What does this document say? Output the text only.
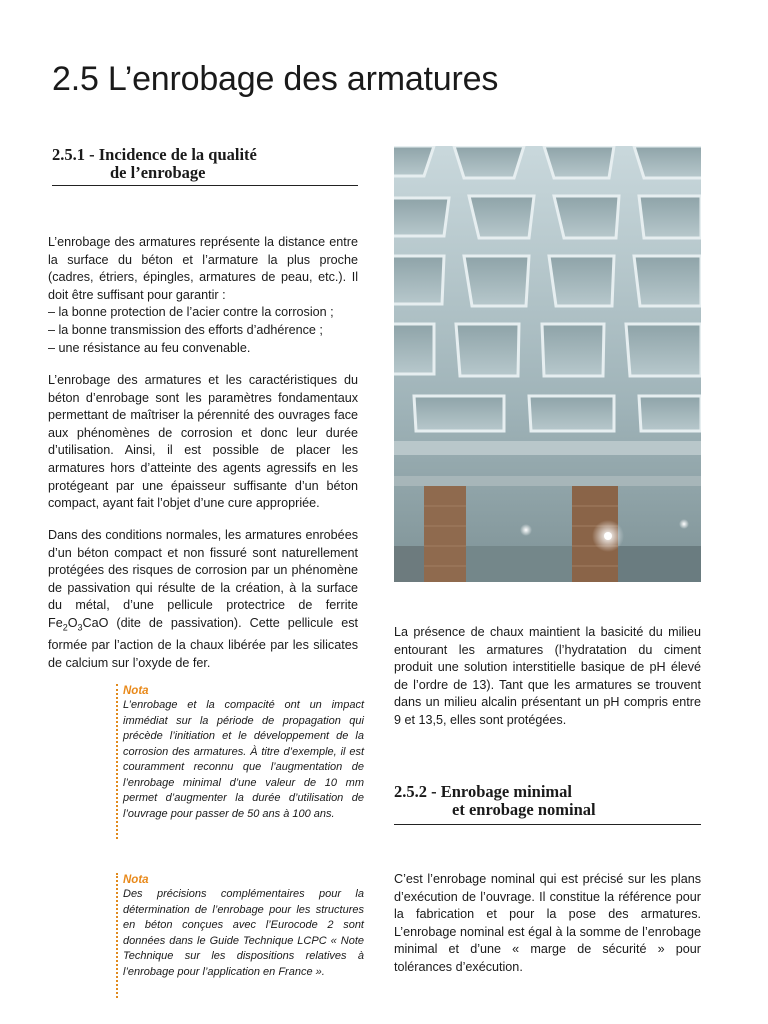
2.5 L’enrobage des armatures
2.5.1 - Incidence de la qualité
de l’enrobage

L’enrobage des armatures représente la distance entre la surface du béton et l’armature la plus proche (cadres, étriers, épingles, armatures de peau, etc.). Il doit être suffisant pour garantir :

– la bonne protection de l’acier contre la corrosion ;

– la bonne transmission des efforts d’adhérence ;

– une résistance au feu convenable.

L’enrobage des armatures et les caractéristiques du béton d’enrobage sont les paramètres fondamentaux permettant de maîtriser la pérennité des ouvrages face aux phénomènes de corrosion et donc leur durée d’utilisation. Ainsi, il est possible de placer les armatures hors d’atteinte des agents agressifs en les protégeant par une épaisseur suffisante d’un béton compact, ayant fait l’objet d’une cure appropriée.

Dans des conditions normales, les armatures enrobées d’un béton compact et non fissuré sont naturellement protégées des risques de corrosion par un phénomène de passivation qui résulte de la création, à la surface du métal, d’une pellicule protectrice de ferrite $Fe_2O_3CaO$ (dite de passivation). Cette pellicule est formée par l’action de la chaux libérée par les silicates de calcium sur l’oxyde de fer.

Nota

L’enrobage et la compacité ont un impact immédiat sur la période de propagation qui précède l’initiation et le développement de la corrosion des armatures. À titre d’exemple, il est couramment reconnu que l’augmentation de l’enrobage minimal d’une valeur de 10 mm permet d’augmenter la durée d’utilisation de l’ouvrage pour passer de 50 ans à 100 ans.

Nota

Des précisions complémentaires pour la détermination de l’enrobage pour les structures en béton conçues avec l’Eurocode 2 sont données dans le Guide Technique LCPC « Note Technique sur les dispositions relatives à l’enrobage pour l’application en France ».

La présence de chaux maintient la basicité du milieu entourant les armatures (l’hydratation du ciment produit une solution interstitielle basique de pH élevé de l’ordre de 13). Tant que les armatures se trouvent dans un milieu alcalin présentant un pH compris entre 9 et 13,5, elles sont protégées.

2.5.2 - Enrobage minimal
et enrobage nominal

C’est l’enrobage nominal qui est précisé sur les plans d’exécution de l’ouvrage. Il constitue la référence pour la fabrication et pour la pose des armatures. L’enrobage nominal est égal à la somme de l’enrobage minimal et d’une « marge de sécurité » pour tolérances d’exécution.
